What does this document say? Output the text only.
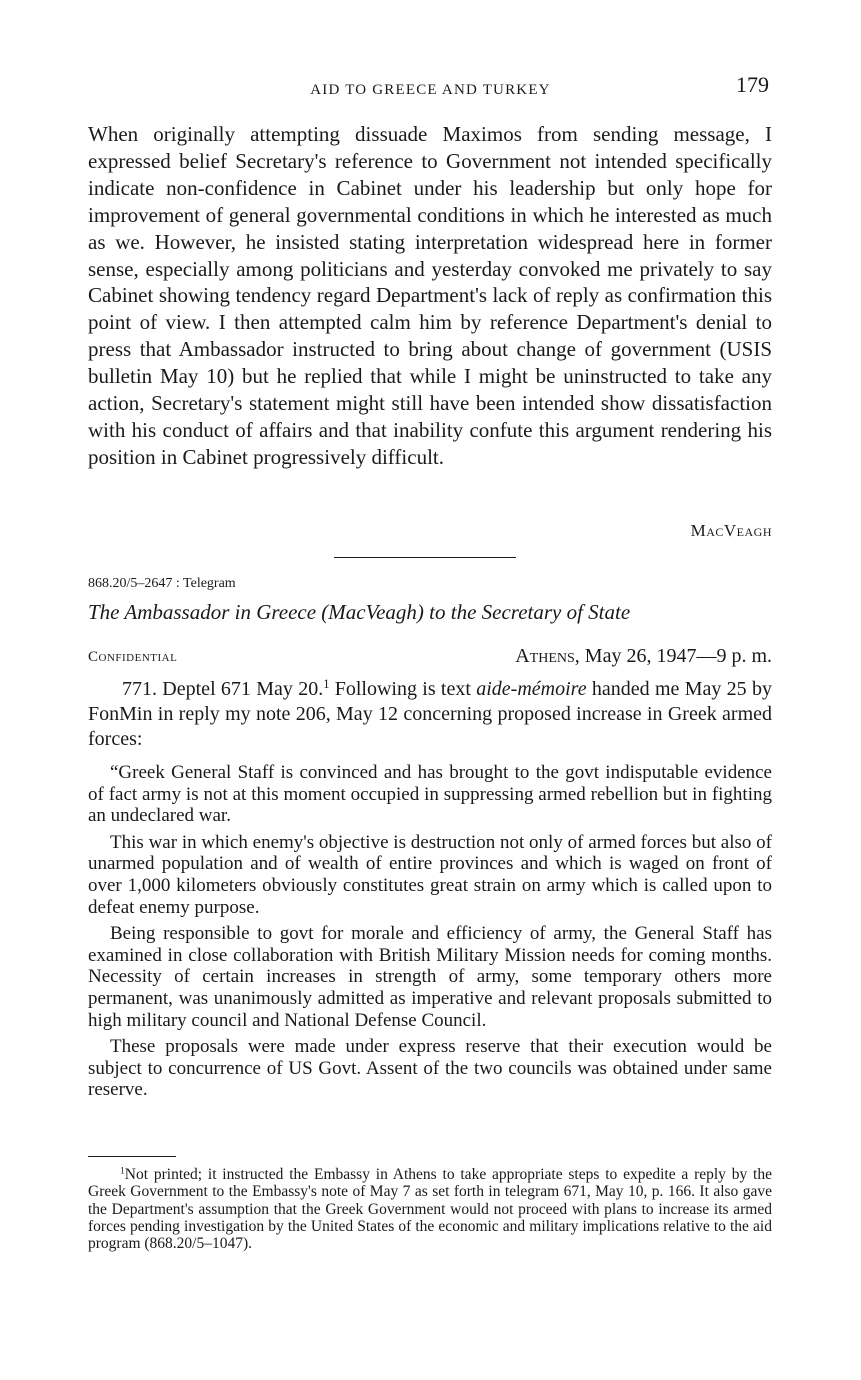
AID TO GREECE AND TURKEY	179

When originally attempting dissuade Maximos from sending message, I expressed belief Secretary's reference to Government not intended specifically indicate non-confidence in Cabinet under his leadership but only hope for improvement of general governmental conditions in which he interested as much as we. However, he insisted stating interpretation widespread here in former sense, especially among politicians and yesterday convoked me privately to say Cabinet showing tendency regard Department's lack of reply as confirmation this point of view. I then attempted calm him by reference Department's denial to press that Ambassador instructed to bring about change of government (USIS bulletin May 10) but he replied that while I might be uninstructed to take any action, Secretary's statement might still have been intended show dissatisfaction with his conduct of affairs and that inability confute this argument rendering his position in Cabinet progressively difficult.

MacVeagh
868.20/5–2647 : Telegram
The Ambassador in Greece (MacVeagh) to the Secretary of State
Confidential	Athens, May 26, 1947—9 p. m.

771. Deptel 671 May 20.$^1$ Following is text aide-mémoire handed me May 25 by FonMin in reply my note 206, May 12 concerning proposed increase in Greek armed forces:

“Greek General Staff is convinced and has brought to the govt indisputable evidence of fact army is not at this moment occupied in suppressing armed rebellion but in fighting an undeclared war.

This war in which enemy's objective is destruction not only of armed forces but also of unarmed population and of wealth of entire provinces and which is waged on front of over 1,000 kilometers obviously constitutes great strain on army which is called upon to defeat enemy purpose.

Being responsible to govt for morale and efficiency of army, the General Staff has examined in close collaboration with British Military Mission needs for coming months. Necessity of certain increases in strength of army, some temporary others more permanent, was unanimously admitted as imperative and relevant proposals submitted to high military council and National Defense Council.

These proposals were made under express reserve that their execution would be subject to concurrence of US Govt. Assent of the two councils was obtained under same reserve.

$^1$Not printed; it instructed the Embassy in Athens to take appropriate steps to expedite a reply by the Greek Government to the Embassy's note of May 7 as set forth in telegram 671, May 10, p. 166. It also gave the Department's assumption that the Greek Government would not proceed with plans to increase its armed forces pending investigation by the United States of the economic and military implications relative to the aid program (868.20/5–1047).
